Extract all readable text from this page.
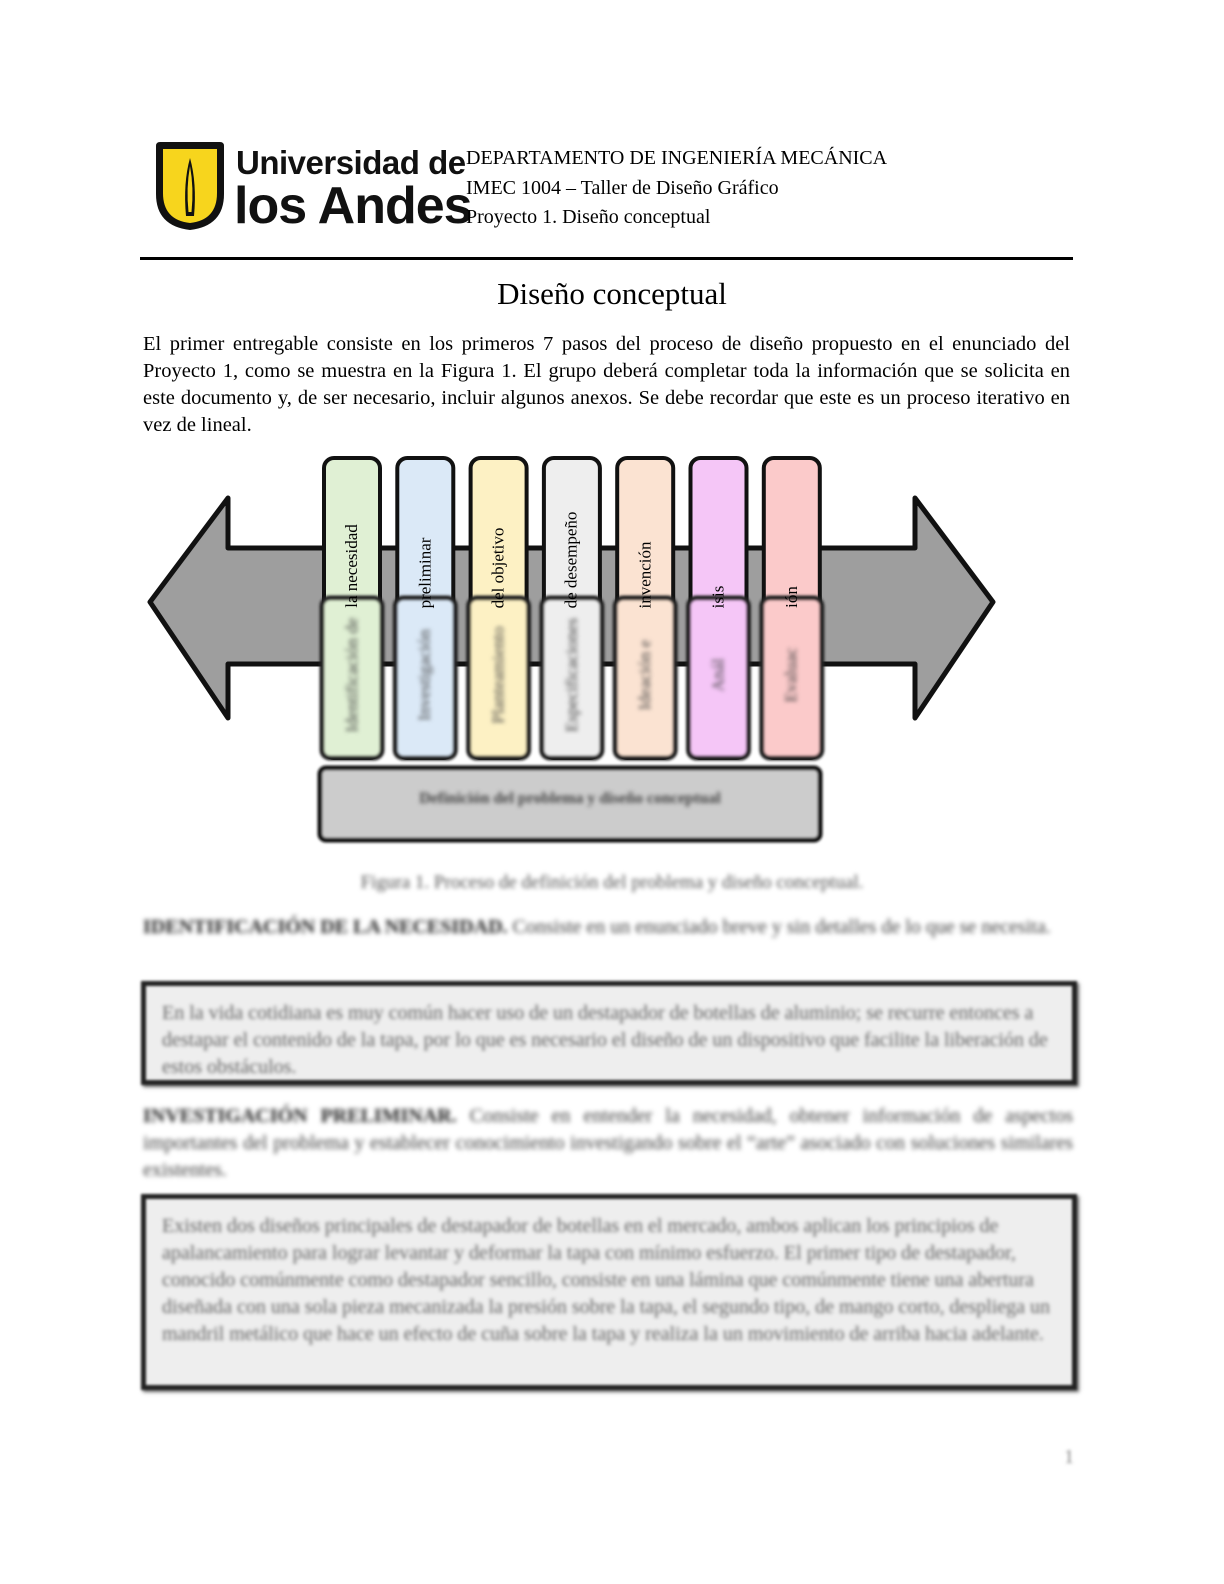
Universidad de
los Andes
DEPARTAMENTO DE INGENIERÍA MECÁNICA
IMEC 1004 – Taller de Diseño Gráfico
Proyecto 1. Diseño conceptual
Diseño conceptual
El primer entregable consiste en los primeros 7 pasos del proceso de diseño propuesto en el enunciado del Proyecto 1, como se muestra en la Figura 1. El grupo deberá completar toda la información que se solicita en este documento y, de ser necesario, incluir algunos anexos. Se debe recordar que este es un proceso iterativo en vez de lineal.
la necesidad
Identificación de
preliminar
Investigación
del objetivo
Planteamiento
de desempeño
Especificaciones
invención
Ideación e
isis
Anál
ión
Evaluac
Definición del problema y diseño conceptual
Figura 1. Proceso de definición del problema y diseño conceptual.
IDENTIFICACIÓN DE LA NECESIDAD. Consiste en un enunciado breve y sin detalles de lo que se necesita.

En la vida cotidiana es muy común hacer uso de un destapador de botellas de aluminio; se recurre entonces a destapar el contenido de la tapa, por lo que es necesario el diseño de un dispositivo que facilite la liberación de estos obstáculos.

INVESTIGACIÓN PRELIMINAR. Consiste en entender la necesidad, obtener información de aspectos importantes del problema y establecer conocimiento investigando sobre el “arte” asociado con soluciones similares existentes.

Existen dos diseños principales de destapador de botellas en el mercado, ambos aplican los principios de apalancamiento para lograr levantar y deformar la tapa con mínimo esfuerzo. El primer tipo de destapador, conocido comúnmente como destapador sencillo, consiste en una lámina que comúnmente tiene una abertura diseñada con una sola pieza mecanizada la presión sobre la tapa, el segundo tipo, de mango corto, despliega un mandril metálico que hace un efecto de cuña sobre la tapa y realiza la un movimiento de arriba hacia adelante.

1
